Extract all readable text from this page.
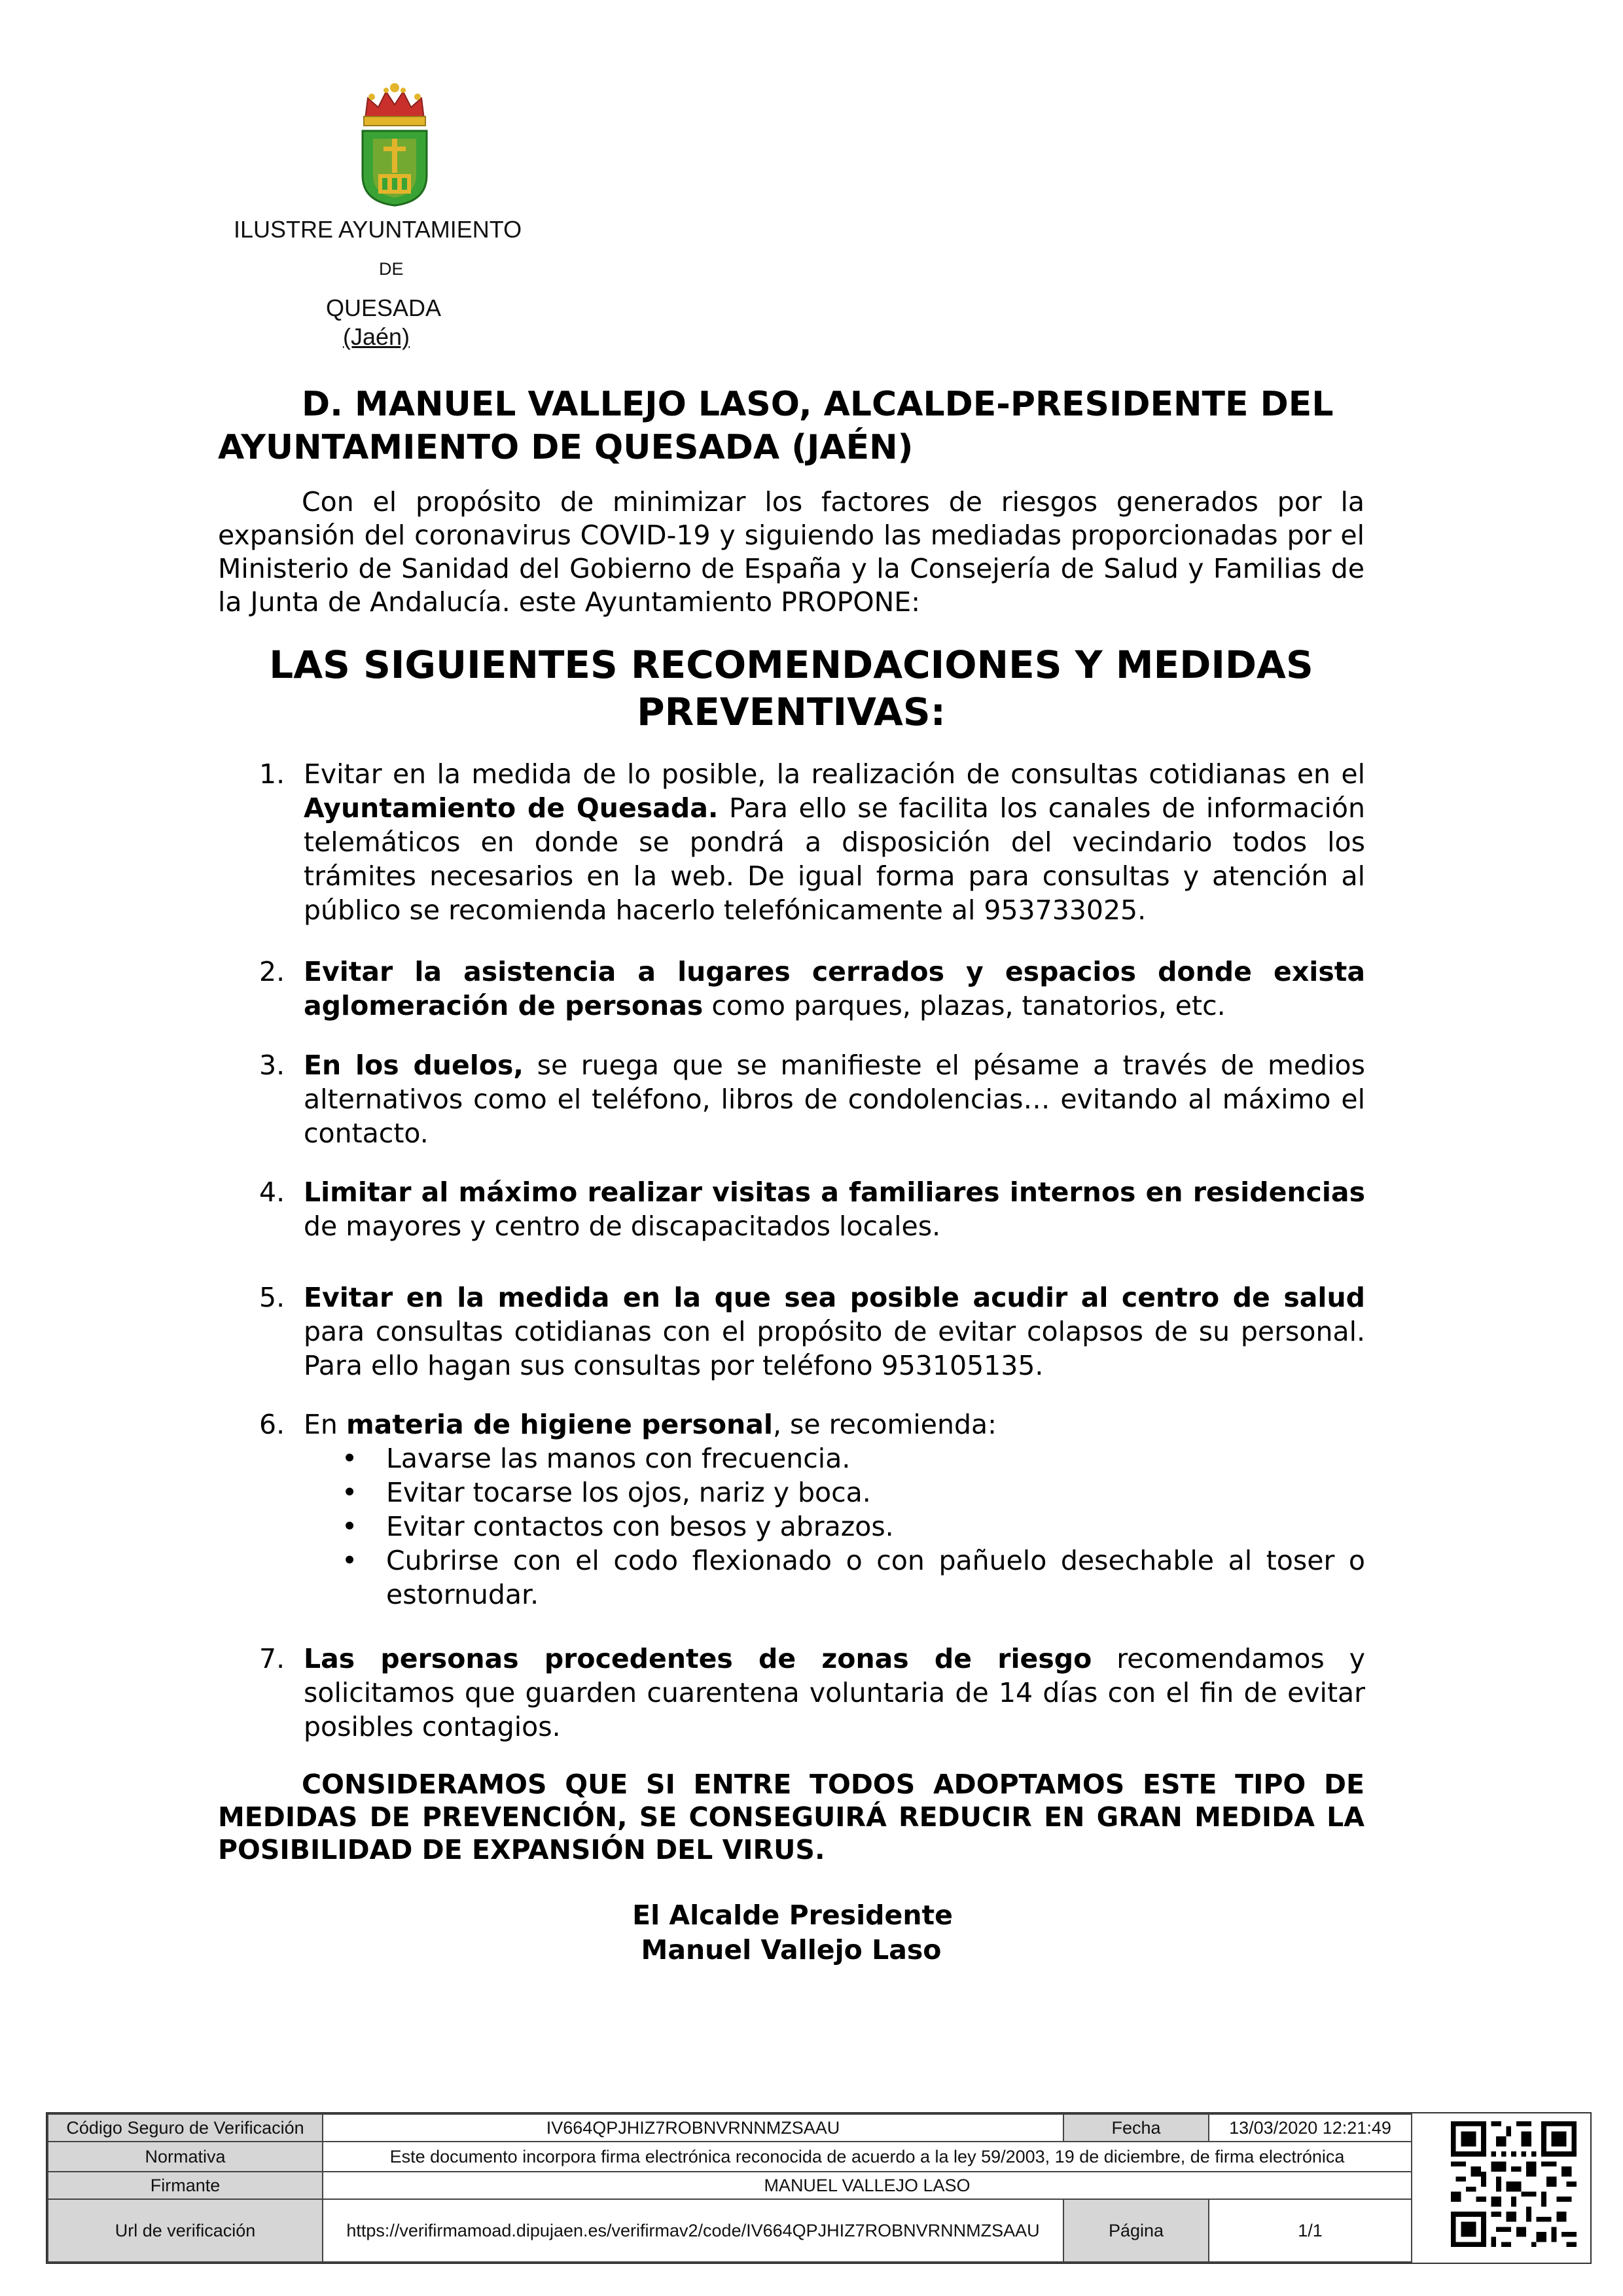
ILUSTRE AYUNTAMIENTO
DE
QUESADA
(Jaén)
D. MANUEL VALLEJO LASO, ALCALDE-PRESIDENTE DEL
AYUNTAMIENTO DE QUESADA (JAÉN)

Con el propósito de minimizar los factores de riesgos generados por la expansión del coronavirus COVID-19 y siguiendo las mediadas proporcionadas por el Ministerio de Sanidad del Gobierno de España y la Consejería de Salud y Familias de la Junta de Andalucía. este Ayuntamiento PROPONE:

LAS SIGUIENTES RECOMENDACIONES Y MEDIDAS
PREVENTIVAS:
1. Evitar en la medida de lo posible, la realización de consultas cotidianas en el Ayuntamiento de Quesada. Para ello se facilita los canales de información telemáticos en donde se pondrá a disposición del vecindario todos los trámites necesarios en la web. De igual forma para consultas y atención al público se recomienda hacerlo telefónicamente al 953733025.

2. Evitar la asistencia a lugares cerrados y espacios donde exista aglomeración de personas como parques, plazas, tanatorios, etc.

3. En los duelos, se ruega que se manifieste el pésame a través de medios alternativos como el teléfono, libros de condolencias… evitando al máximo el contacto.

4. Limitar al máximo realizar visitas a familiares internos en residencias de mayores y centro de discapacitados locales.

5. Evitar en la medida en la que sea posible acudir al centro de salud para consultas cotidianas con el propósito de evitar colapsos de su personal. Para ello hagan sus consultas por teléfono 953105135.

6. En materia de higiene personal, se recomienda:

• Lavarse las manos con frecuencia.
• Evitar tocarse los ojos, nariz y boca.
• Evitar contactos con besos y abrazos.
• Cubrirse con el codo flexionado o con pañuelo desechable al toser o estornudar.
7. Las personas procedentes de zonas de riesgo recomendamos y solicitamos que guarden cuarentena voluntaria de 14 días con el fin de evitar posibles contagios.

CONSIDERAMOS QUE SI ENTRE TODOS ADOPTAMOS ESTE TIPO DE MEDIDAS DE PREVENCIÓN, SE CONSEGUIRÁ REDUCIR EN GRAN MEDIDA LA POSIBILIDAD DE EXPANSIÓN DEL VIRUS.

El Alcalde Presidente
Manuel Vallejo Laso
Código Seguro de Verificación	IV664QPJHIZ7ROBNVRNNMZSAAU	Fecha	13/03/2020 12:21:49
Normativa	Este documento incorpora firma electrónica reconocida de acuerdo a la ley 59/2003, 19 de diciembre, de firma electrónica		
Firmante	MANUEL VALLEJO LASO		
Url de verificación	https://verifirmamoad.dipujaen.es/verifirmav2/code/IV664QPJHIZ7ROBNVRNNMZSAAU	Página	1/1
